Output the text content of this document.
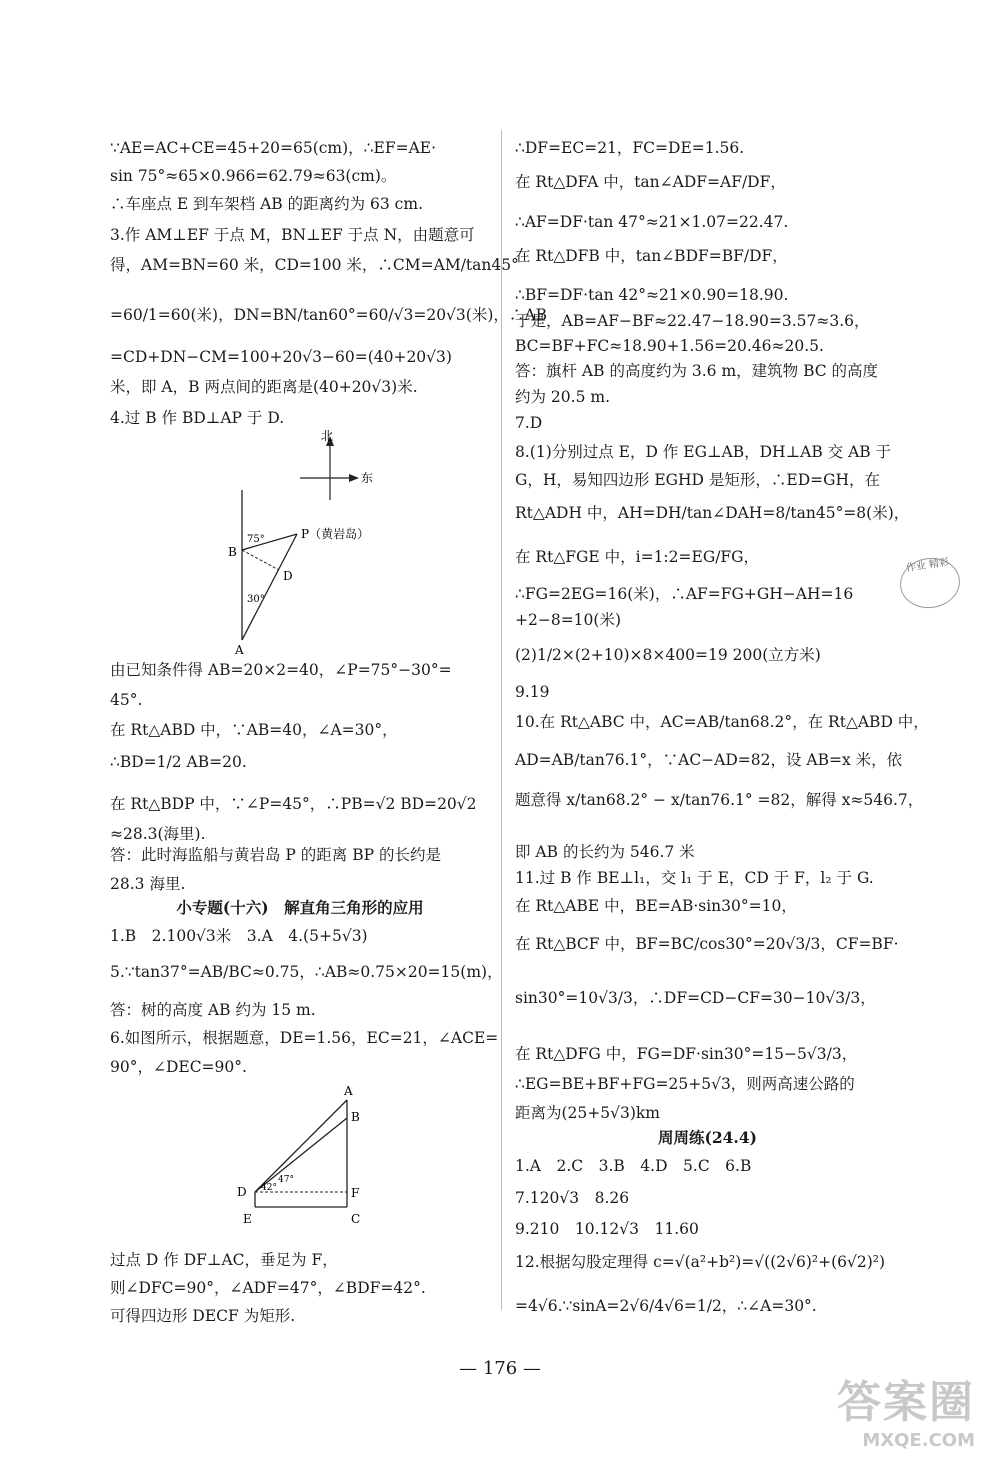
∵AE=AC+CE=45+20=65(cm)，∴EF=AE·
sin 75°≈65×0.966=62.79≈63(cm)。
∴车座点 E 到车架档 AB 的距离约为 63 cm.
3.作 AM⊥EF 于点 M，BN⊥EF 于点 N，由题意可
得，AM=BN=60 米，CD=100 米，∴CM=AM/tan45°
=60/1=60(米)，DN=BN/tan60°=60/√3=20√3(米)，∴AB
=CD+DN−CM=100+20√3−60=(40+20√3)
米，即 A，B 两点间的距离是(40+20√3)米.
4.过 B 作 BD⊥AP 于 D.
由已知条件得 AB=20×2=40，∠P=75°−30°=
45°.
在 Rt△ABD 中，∵AB=40，∠A=30°，
∴BD=1/2 AB=20.
在 Rt△BDP 中，∵∠P=45°，∴PB=√2 BD=20√2
≈28.3(海里).
答：此时海监船与黄岩岛 P 的距离 BP 的长约是
28.3 海里.
小专题(十六)　解直角三角形的应用
1.B　2.100√3米　3.A　4.(5+5√3)
5.∵tan37°=AB/BC≈0.75，∴AB≈0.75×20=15(m)，
答：树的高度 AB 约为 15 m.
6.如图所示，根据题意，DE=1.56，EC=21，∠ACE=
90°，∠DEC=90°.
过点 D 作 DF⊥AC，垂足为 F，
则∠DFC=90°，∠ADF=47°，∠BDF=42°.
可得四边形 DECF 为矩形.
北
东
P（黄岩岛）
B
D
A
75°
30°
A
B
D
E
F
C
42°
47°
∴DF=EC=21，FC=DE=1.56.
在 Rt△DFA 中，tan∠ADF=AF/DF，
∴AF=DF·tan 47°≈21×1.07=22.47.
在 Rt△DFB 中，tan∠BDF=BF/DF，
∴BF=DF·tan 42°≈21×0.90=18.90.
于是，AB=AF−BF≈22.47−18.90=3.57≈3.6，
BC=BF+FC≈18.90+1.56=20.46≈20.5.
答：旗杆 AB 的高度约为 3.6 m，建筑物 BC 的高度
约为 20.5 m.
7.D
8.(1)分别过点 E，D 作 EG⊥AB，DH⊥AB 交 AB 于
G，H，易知四边形 EGHD 是矩形，∴ED=GH，在
Rt△ADH 中，AH=DH/tan∠DAH=8/tan45°=8(米)，
在 Rt△FGE 中，i=1:2=EG/FG，
∴FG=2EG=16(米)，∴AF=FG+GH−AH=16
+2−8=10(米)
(2)1/2×(2+10)×8×400=19 200(立方米)
9.19
10.在 Rt△ABC 中，AC=AB/tan68.2°，在 Rt△ABD 中，
AD=AB/tan76.1°，∵AC−AD=82，设 AB=x 米，依
题意得 x/tan68.2° − x/tan76.1° =82，解得 x≈546.7，
即 AB 的长约为 546.7 米
11.过 B 作 BE⊥l₁，交 l₁ 于 E，CD 于 F，l₂ 于 G.
在 Rt△ABE 中，BE=AB·sin30°=10，
在 Rt△BCF 中，BF=BC/cos30°=20√3/3，CF=BF·
sin30°=10√3/3，∴DF=CD−CF=30−10√3/3，
在 Rt△DFG 中，FG=DF·sin30°=15−5√3/3，
∴EG=BE+BF+FG=25+5√3，则两高速公路的
距离为(25+5√3)km
周周练(24.4)
1.A　2.C　3.B　4.D　5.C　6.B
7.120√3　8.26
9.210　10.12√3　11.60
12.根据勾股定理得 c=√(a²+b²)=√((2√6)²+(6√2)²)
=4√6.∵sinA=2√6/4√6=1/2，∴∠A=30°.
作业 精彩
— 176 —
答案圈
MXQE.COM
